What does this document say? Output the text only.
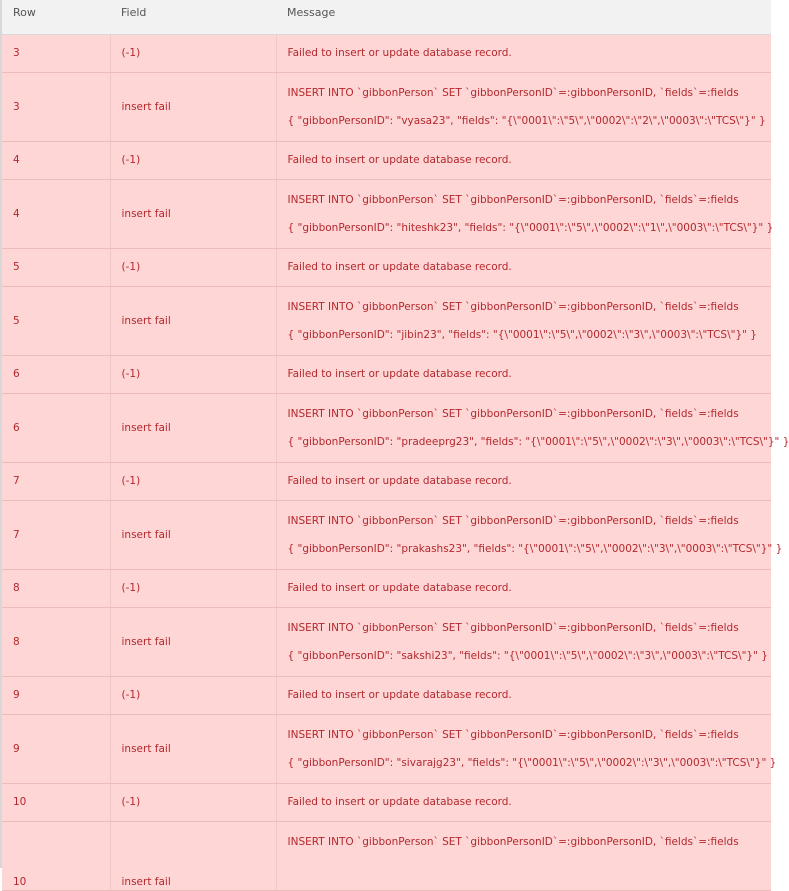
Row	Field	Message
3	(-1)	Failed to insert or update database record.
3	insert fail	INSERT INTO `gibbonPerson` SET `gibbonPersonID`=:gibbonPersonID, `fields`=:fields
{ "gibbonPersonID": "vyasa23", "fields": "{\"0001\":\"5\",\"0002\":\"2\",\"0003\":\"TCS\"}" }

4	(-1)	Failed to insert or update database record.
4	insert fail	INSERT INTO `gibbonPerson` SET `gibbonPersonID`=:gibbonPersonID, `fields`=:fields
{ "gibbonPersonID": "hiteshk23", "fields": "{\"0001\":\"5\",\"0002\":\"1\",\"0003\":\"TCS\"}" }

5	(-1)	Failed to insert or update database record.
5	insert fail	INSERT INTO `gibbonPerson` SET `gibbonPersonID`=:gibbonPersonID, `fields`=:fields
{ "gibbonPersonID": "jibin23", "fields": "{\"0001\":\"5\",\"0002\":\"3\",\"0003\":\"TCS\"}" }

6	(-1)	Failed to insert or update database record.
6	insert fail	INSERT INTO `gibbonPerson` SET `gibbonPersonID`=:gibbonPersonID, `fields`=:fields
{ "gibbonPersonID": "pradeeprg23", "fields": "{\"0001\":\"5\",\"0002\":\"3\",\"0003\":\"TCS\"}" }

7	(-1)	Failed to insert or update database record.
7	insert fail	INSERT INTO `gibbonPerson` SET `gibbonPersonID`=:gibbonPersonID, `fields`=:fields
{ "gibbonPersonID": "prakashs23", "fields": "{\"0001\":\"5\",\"0002\":\"3\",\"0003\":\"TCS\"}" }

8	(-1)	Failed to insert or update database record.
8	insert fail	INSERT INTO `gibbonPerson` SET `gibbonPersonID`=:gibbonPersonID, `fields`=:fields
{ "gibbonPersonID": "sakshi23", "fields": "{\"0001\":\"5\",\"0002\":\"3\",\"0003\":\"TCS\"}" }

9	(-1)	Failed to insert or update database record.
9	insert fail	INSERT INTO `gibbonPerson` SET `gibbonPersonID`=:gibbonPersonID, `fields`=:fields
{ "gibbonPersonID": "sivarajg23", "fields": "{\"0001\":\"5\",\"0002\":\"3\",\"0003\":\"TCS\"}" }

10	(-1)	Failed to insert or update database record.
10	insert fail	INSERT INTO `gibbonPerson` SET `gibbonPersonID`=:gibbonPersonID, `fields`=:fields
